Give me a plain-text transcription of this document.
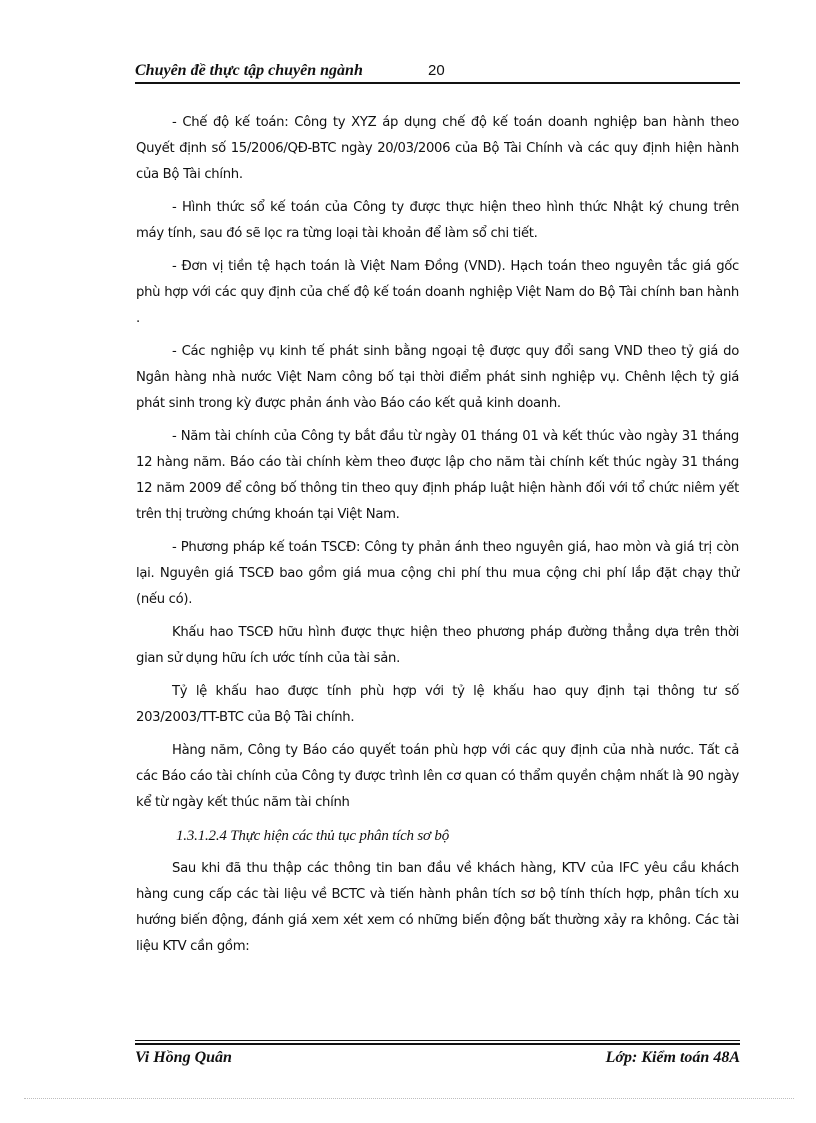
Chuyên đề thực tập chuyên ngành	20

- Chế độ kế toán: Công ty XYZ áp dụng chế độ kế toán doanh nghiệp ban hành theo Quyết định số 15/2006/QĐ-BTC ngày 20/03/2006 của Bộ Tài Chính và các quy định hiện hành của Bộ Tài chính.

- Hình thức sổ kế toán của Công ty được thực hiện theo hình thức Nhật ký chung trên máy tính, sau đó sẽ lọc ra từng loại tài khoản để làm sổ chi tiết.

- Đơn vị tiền tệ hạch toán là Việt Nam Đồng (VND). Hạch toán theo nguyên tắc giá gốc phù hợp với các quy định của chế độ kế toán doanh nghiệp Việt Nam do Bộ Tài chính ban hành .

- Các nghiệp vụ kinh tế phát sinh bằng ngoại tệ được quy đổi sang VND theo tỷ giá do Ngân hàng nhà nước Việt Nam công bố tại thời điểm phát sinh nghiệp vụ. Chênh lệch tỷ giá phát sinh trong kỳ được phản ánh vào Báo cáo kết quả kinh doanh.

- Năm tài chính của Công ty bắt đầu từ ngày 01 tháng 01 và kết thúc vào ngày 31 tháng 12 hàng năm. Báo cáo tài chính kèm theo được lập cho năm tài chính kết thúc ngày 31 tháng 12 năm 2009 để công bố thông tin theo quy định pháp luật hiện hành đối với tổ chức niêm yết trên thị trường chứng khoán tại Việt Nam.

- Phương pháp kế toán TSCĐ: Công ty phản ánh theo nguyên giá, hao mòn và giá trị còn lại. Nguyên giá TSCĐ bao gồm giá mua cộng chi phí thu mua cộng chi phí lắp đặt chạy thử (nếu có).

Khấu hao TSCĐ hữu hình được thực hiện theo phương pháp đường thẳng dựa trên thời gian sử dụng hữu ích ước tính của tài sản.

Tỷ lệ khấu hao được tính phù hợp với tỷ lệ khấu hao quy định tại thông tư số 203/2003/TT-BTC của Bộ Tài chính.

Hàng năm, Công ty Báo cáo quyết toán phù hợp với các quy định của nhà nước. Tất cả các Báo cáo tài chính của Công ty được trình lên cơ quan có thẩm quyền chậm nhất là 90 ngày kể từ ngày kết thúc năm tài chính

1.3.1.2.4 Thực hiện các thủ tục phân tích sơ bộ

Sau khi đã thu thập các thông tin ban đầu về khách hàng, KTV của IFC yêu cầu khách hàng cung cấp các tài liệu về BCTC và tiến hành phân tích sơ bộ tính thích hợp, phân tích xu hướng biến động, đánh giá xem xét xem có những biến động bất thường xảy ra không. Các tài liệu KTV cần gồm:

Vi Hồng Quân	Lớp: Kiểm toán 48A
